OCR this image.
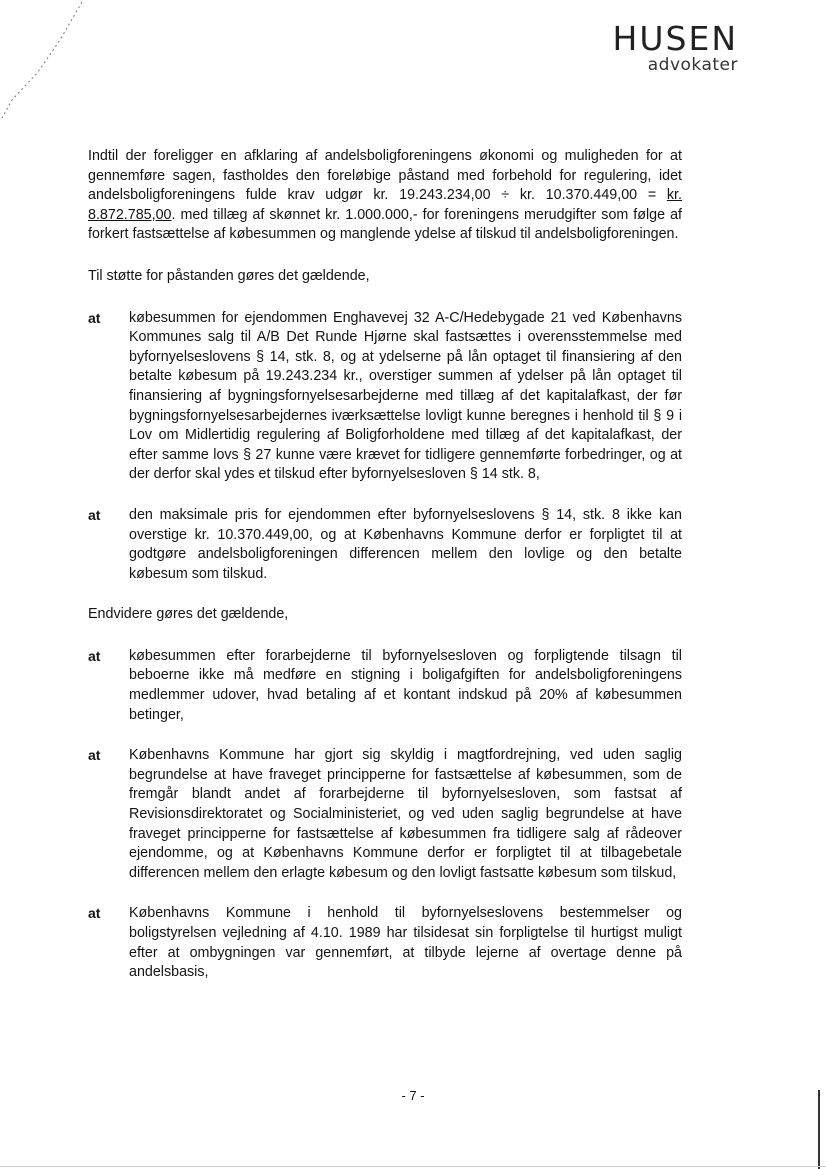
HUSEN
advokater

Indtil der foreligger en afklaring af andelsboligforeningens økonomi og muligheden for at gennemføre sagen, fastholdes den foreløbige påstand med forbehold for regulering, idet andelsboligforeningens fulde krav udgør kr. 19.243.234,00 ÷ kr. 10.370.449,00 = kr. 8.872.785,00. med tillæg af skønnet kr. 1.000.000,- for foreningens merudgifter som følge af forkert fastsættelse af købesummen og manglende ydelse af tilskud til andelsboligforeningen.

Til støtte for påstanden gøres det gældende,

at	købesummen for ejendommen Enghavevej 32 A-C/Hedebygade 21 ved Københavns Kommunes salg til A/B Det Runde Hjørne skal fastsættes i overensstemmelse med byfornyelseslovens § 14, stk. 8, og at ydelserne på lån optaget til finansiering af den betalte købesum på 19.243.234 kr., overstiger summen af ydelser på lån optaget til finansiering af bygningsfornyelsesarbejderne med tillæg af det kapitalafkast, der før bygningsfornyelsesarbejdernes iværksættelse lovligt kunne beregnes i henhold til § 9 i Lov om Midlertidig regulering af Boligforholdene med tillæg af det kapitalafkast, der efter samme lovs § 27 kunne være krævet for tidligere gennemførte forbedringer, og at der derfor skal ydes et tilskud efter byfornyelsesloven § 14 stk. 8,
at	den maksimale pris for ejendommen efter byfornyelseslovens § 14, stk. 8 ikke kan overstige kr. 10.370.449,00, og at Københavns Kommune derfor er forpligtet til at godtgøre andelsboligforeningen differencen mellem den lovlige og den betalte købesum som tilskud.

Endvidere gøres det gældende,

at	købesummen efter forarbejderne til byfornyelsesloven og forpligtende tilsagn til beboerne ikke må medføre en stigning i boligafgiften for andelsboligforeningens medlemmer udover, hvad betaling af et kontant indskud på 20% af købesummen betinger,
at	Københavns Kommune har gjort sig skyldig i magtfordrejning, ved uden saglig begrundelse at have fraveget principperne for fastsættelse af købesummen, som de fremgår blandt andet af forarbejderne til byfornyelsesloven, som fastsat af Revisionsdirektoratet og Socialministeriet, og ved uden saglig begrundelse at have fraveget principperne for fastsættelse af købesummen fra tidligere salg af rådeover ejendomme, og at Københavns Kommune derfor er forpligtet til at tilbagebetale differencen mellem den erlagte købesum og den lovligt fastsatte købesum som tilskud,
at	Københavns Kommune i henhold til byfornyelseslovens bestemmelser og boligstyrelsen vejledning af 4.10. 1989 har tilsidesat sin forpligtelse til hurtigst muligt efter at ombygningen var gennemført, at tilbyde lejerne af overtage denne på andelsbasis,
- 7 -
